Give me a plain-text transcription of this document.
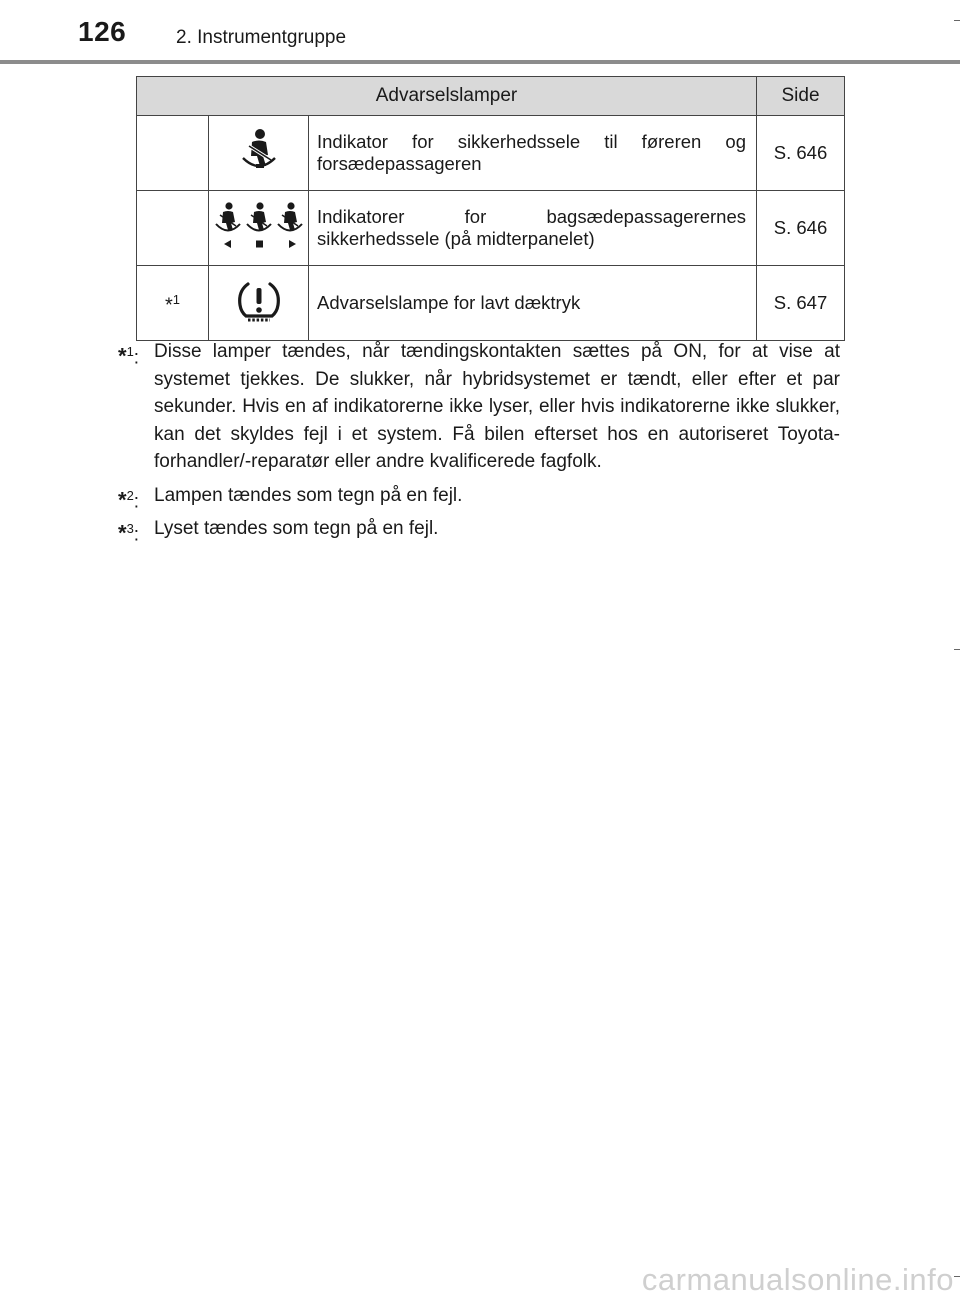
126	2. Instrumentgruppe
Advarselslamper			Side
		Indikator for sikkerhedssele til føreren og forsædepassageren	S. 646
		Indikatorer for bagsædepassagerernes sikkerhedssele (på midterpanelet)	S. 646
*$^1$		Advarselslampe for lavt dæktryk	S. 647
*$^1$: Disse lamper tændes, når tændingskontakten sættes på ON, for at vise at systemet tjekkes. De slukker, når hybridsystemet er tændt, eller efter et par sekunder. Hvis en af indikatorerne ikke lyser, eller hvis indikatorerne ikke slukker, kan det skyldes fejl i et system. Få bilen efterset hos en autoriseret Toyota-forhandler/-reparatør eller andre kvalificerede fagfolk.
*$^2$: Lampen tændes som tegn på en fejl.
*$^3$: Lyset tændes som tegn på en fejl.
carmanualsonline.info
